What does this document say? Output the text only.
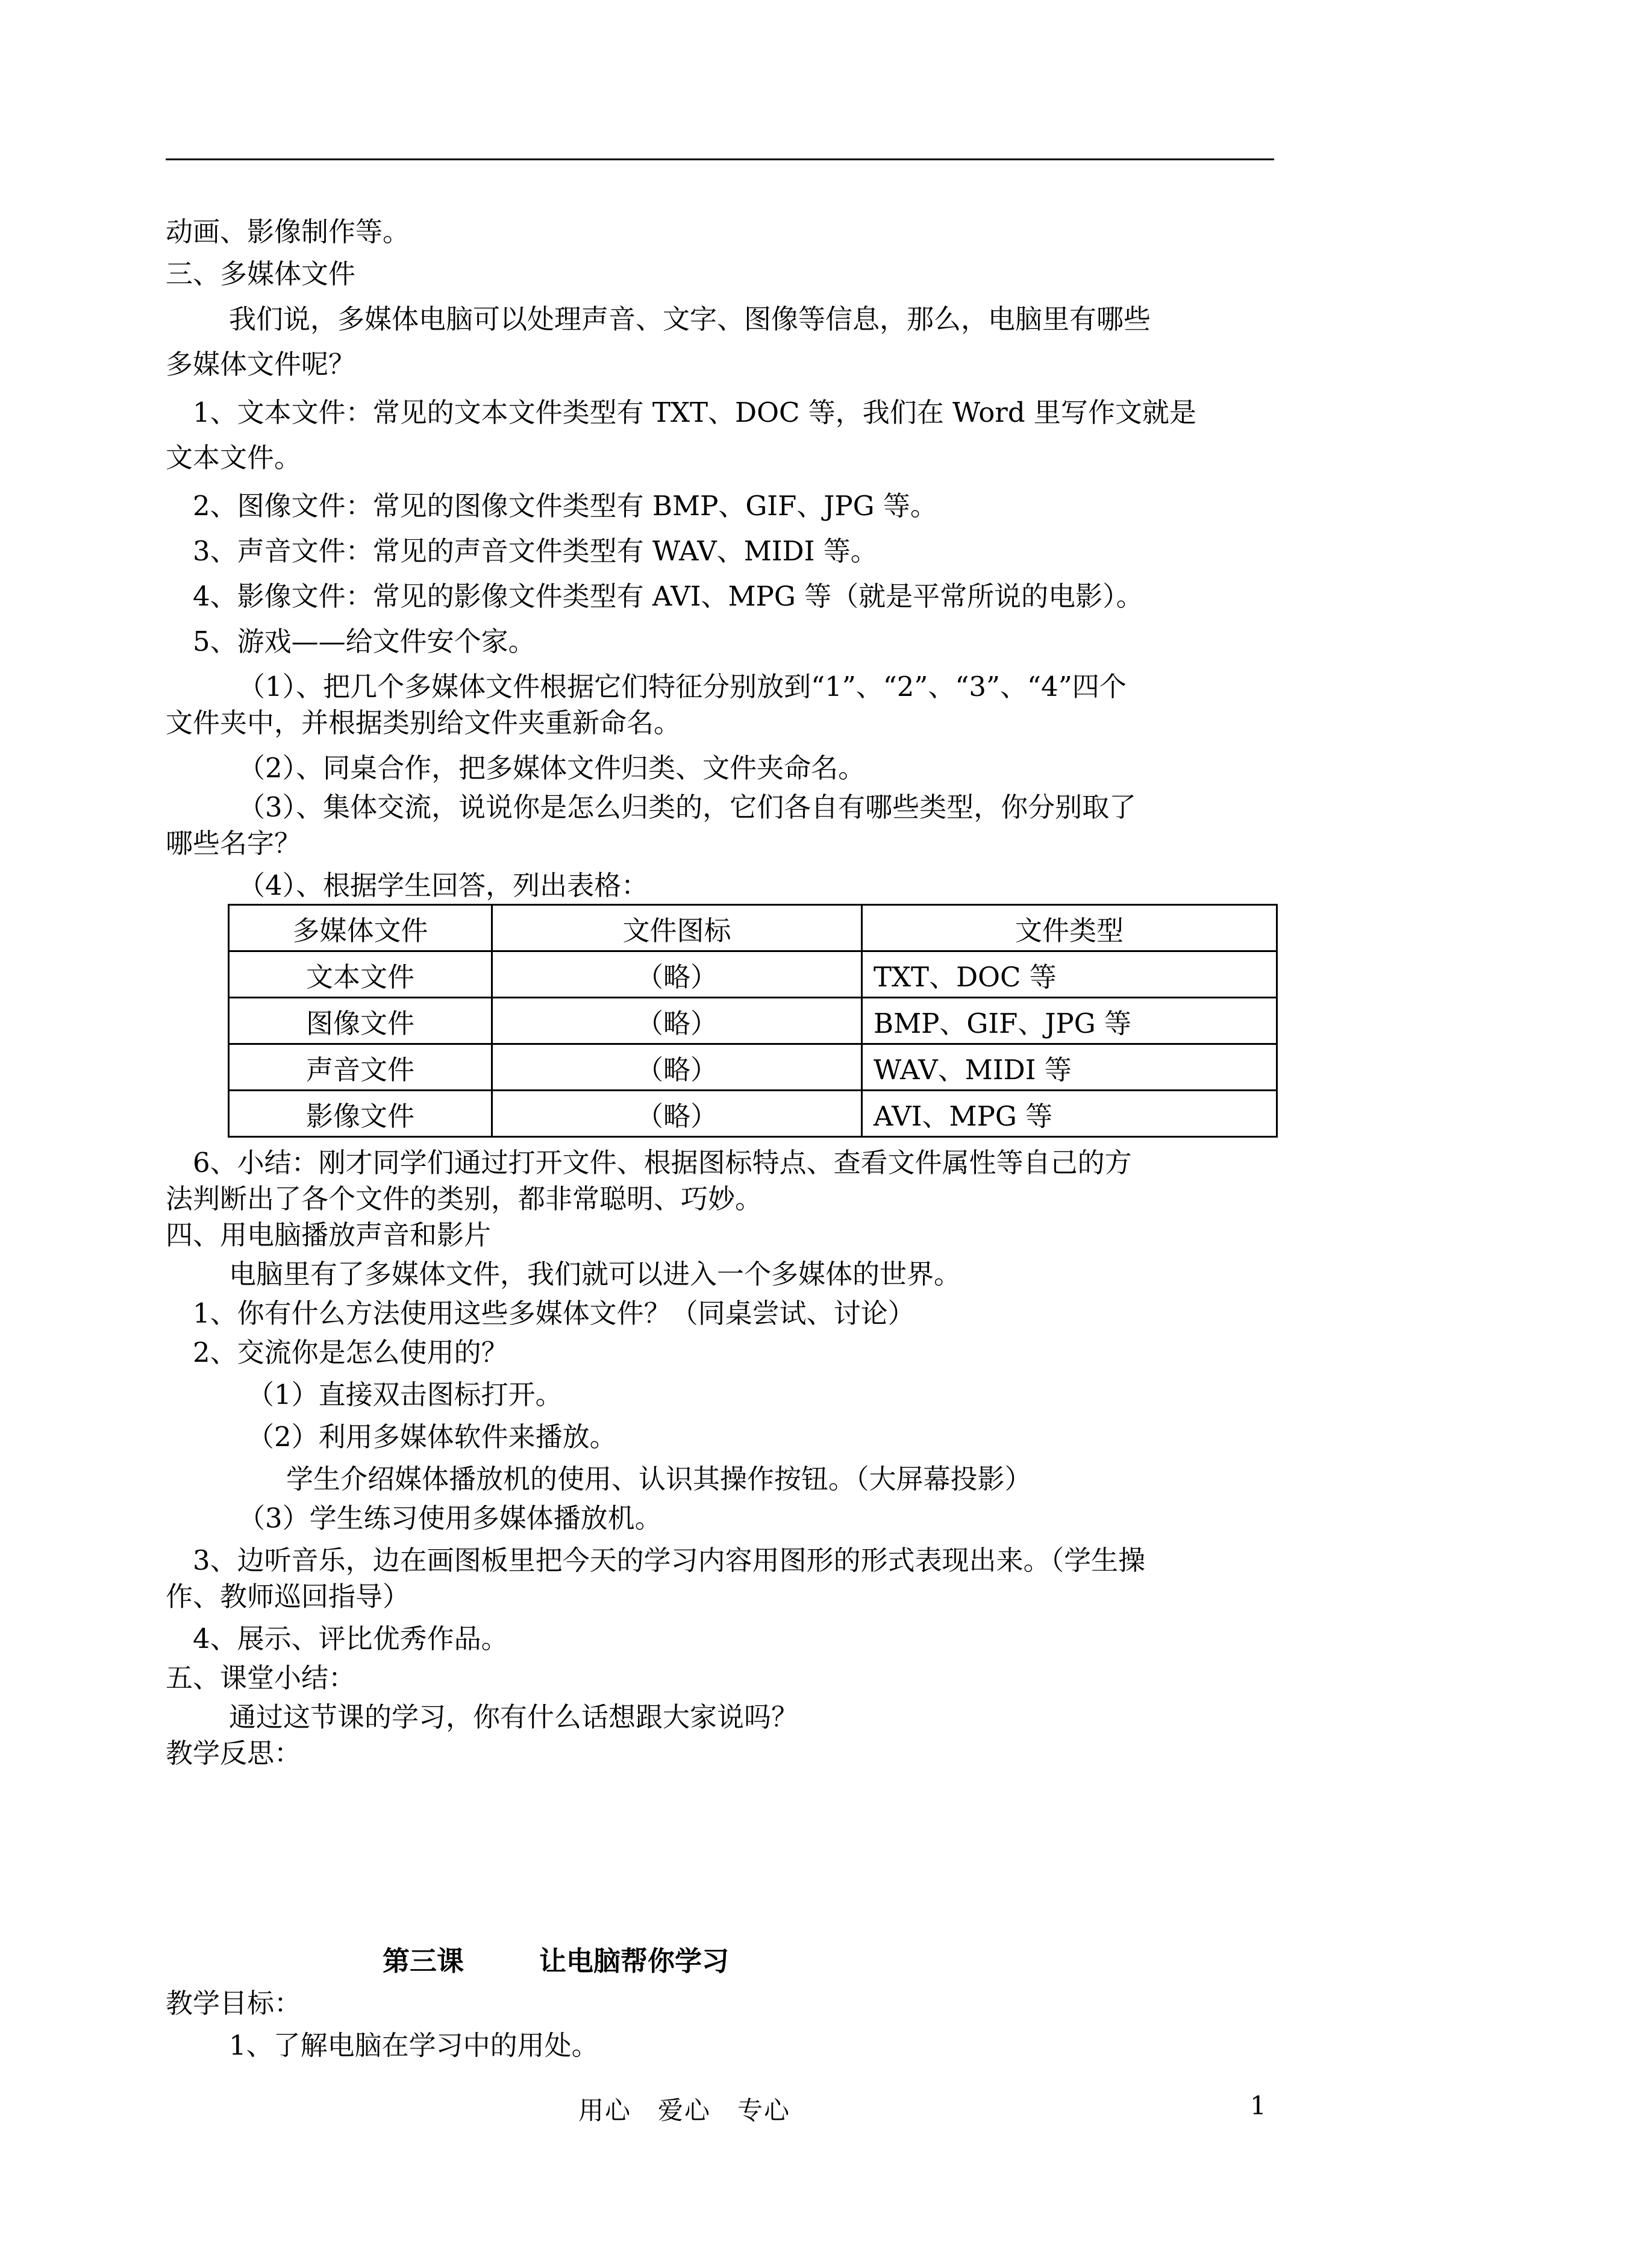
动画、影像制作等。
三、多媒体文件
我们说，多媒体电脑可以处理声音、文字、图像等信息，那么，电脑里有哪些
多媒体文件呢？
1、文本文件：常见的文本文件类型有 TXT、DOC 等，我们在 Word 里写作文就是
文本文件。
2、图像文件：常见的图像文件类型有 BMP、GIF、JPG 等。
3、声音文件：常见的声音文件类型有 WAV、MIDI 等。
4、影像文件：常见的影像文件类型有 AVI、MPG 等（就是平常所说的电影）。
5、游戏——给文件安个家。
（1）、把几个多媒体文件根据它们特征分别放到“1”、“2”、“3”、“4”四个
文件夹中，并根据类别给文件夹重新命名。
（2）、同桌合作，把多媒体文件归类、文件夹命名。
（3）、集体交流，说说你是怎么归类的，它们各自有哪些类型，你分别取了
哪些名字？
（4）、根据学生回答，列出表格：
多媒体文件	文件图标	文件类型
文本文件	（略）	TXT、DOC 等
图像文件	（略）	BMP、GIF、JPG 等
声音文件	（略）	WAV、MIDI 等
影像文件	（略）	AVI、MPG 等
6、小结：刚才同学们通过打开文件、根据图标特点、查看文件属性等自己的方
法判断出了各个文件的类别，都非常聪明、巧妙。
四、用电脑播放声音和影片
电脑里有了多媒体文件，我们就可以进入一个多媒体的世界。
1、你有什么方法使用这些多媒体文件？（同桌尝试、讨论）
2、交流你是怎么使用的？
（1）直接双击图标打开。
（2）利用多媒体软件来播放。
学生介绍媒体播放机的使用、认识其操作按钮。（大屏幕投影）
（3）学生练习使用多媒体播放机。
3、边听音乐，边在画图板里把今天的学习内容用图形的形式表现出来。（学生操
作、教师巡回指导）
4、展示、评比优秀作品。
五、课堂小结：
通过这节课的学习，你有什么话想跟大家说吗？
教学反思：
第三课	让电脑帮你学习
教学目标：
1、了解电脑在学习中的用处。
用心　爱心　专心	1
